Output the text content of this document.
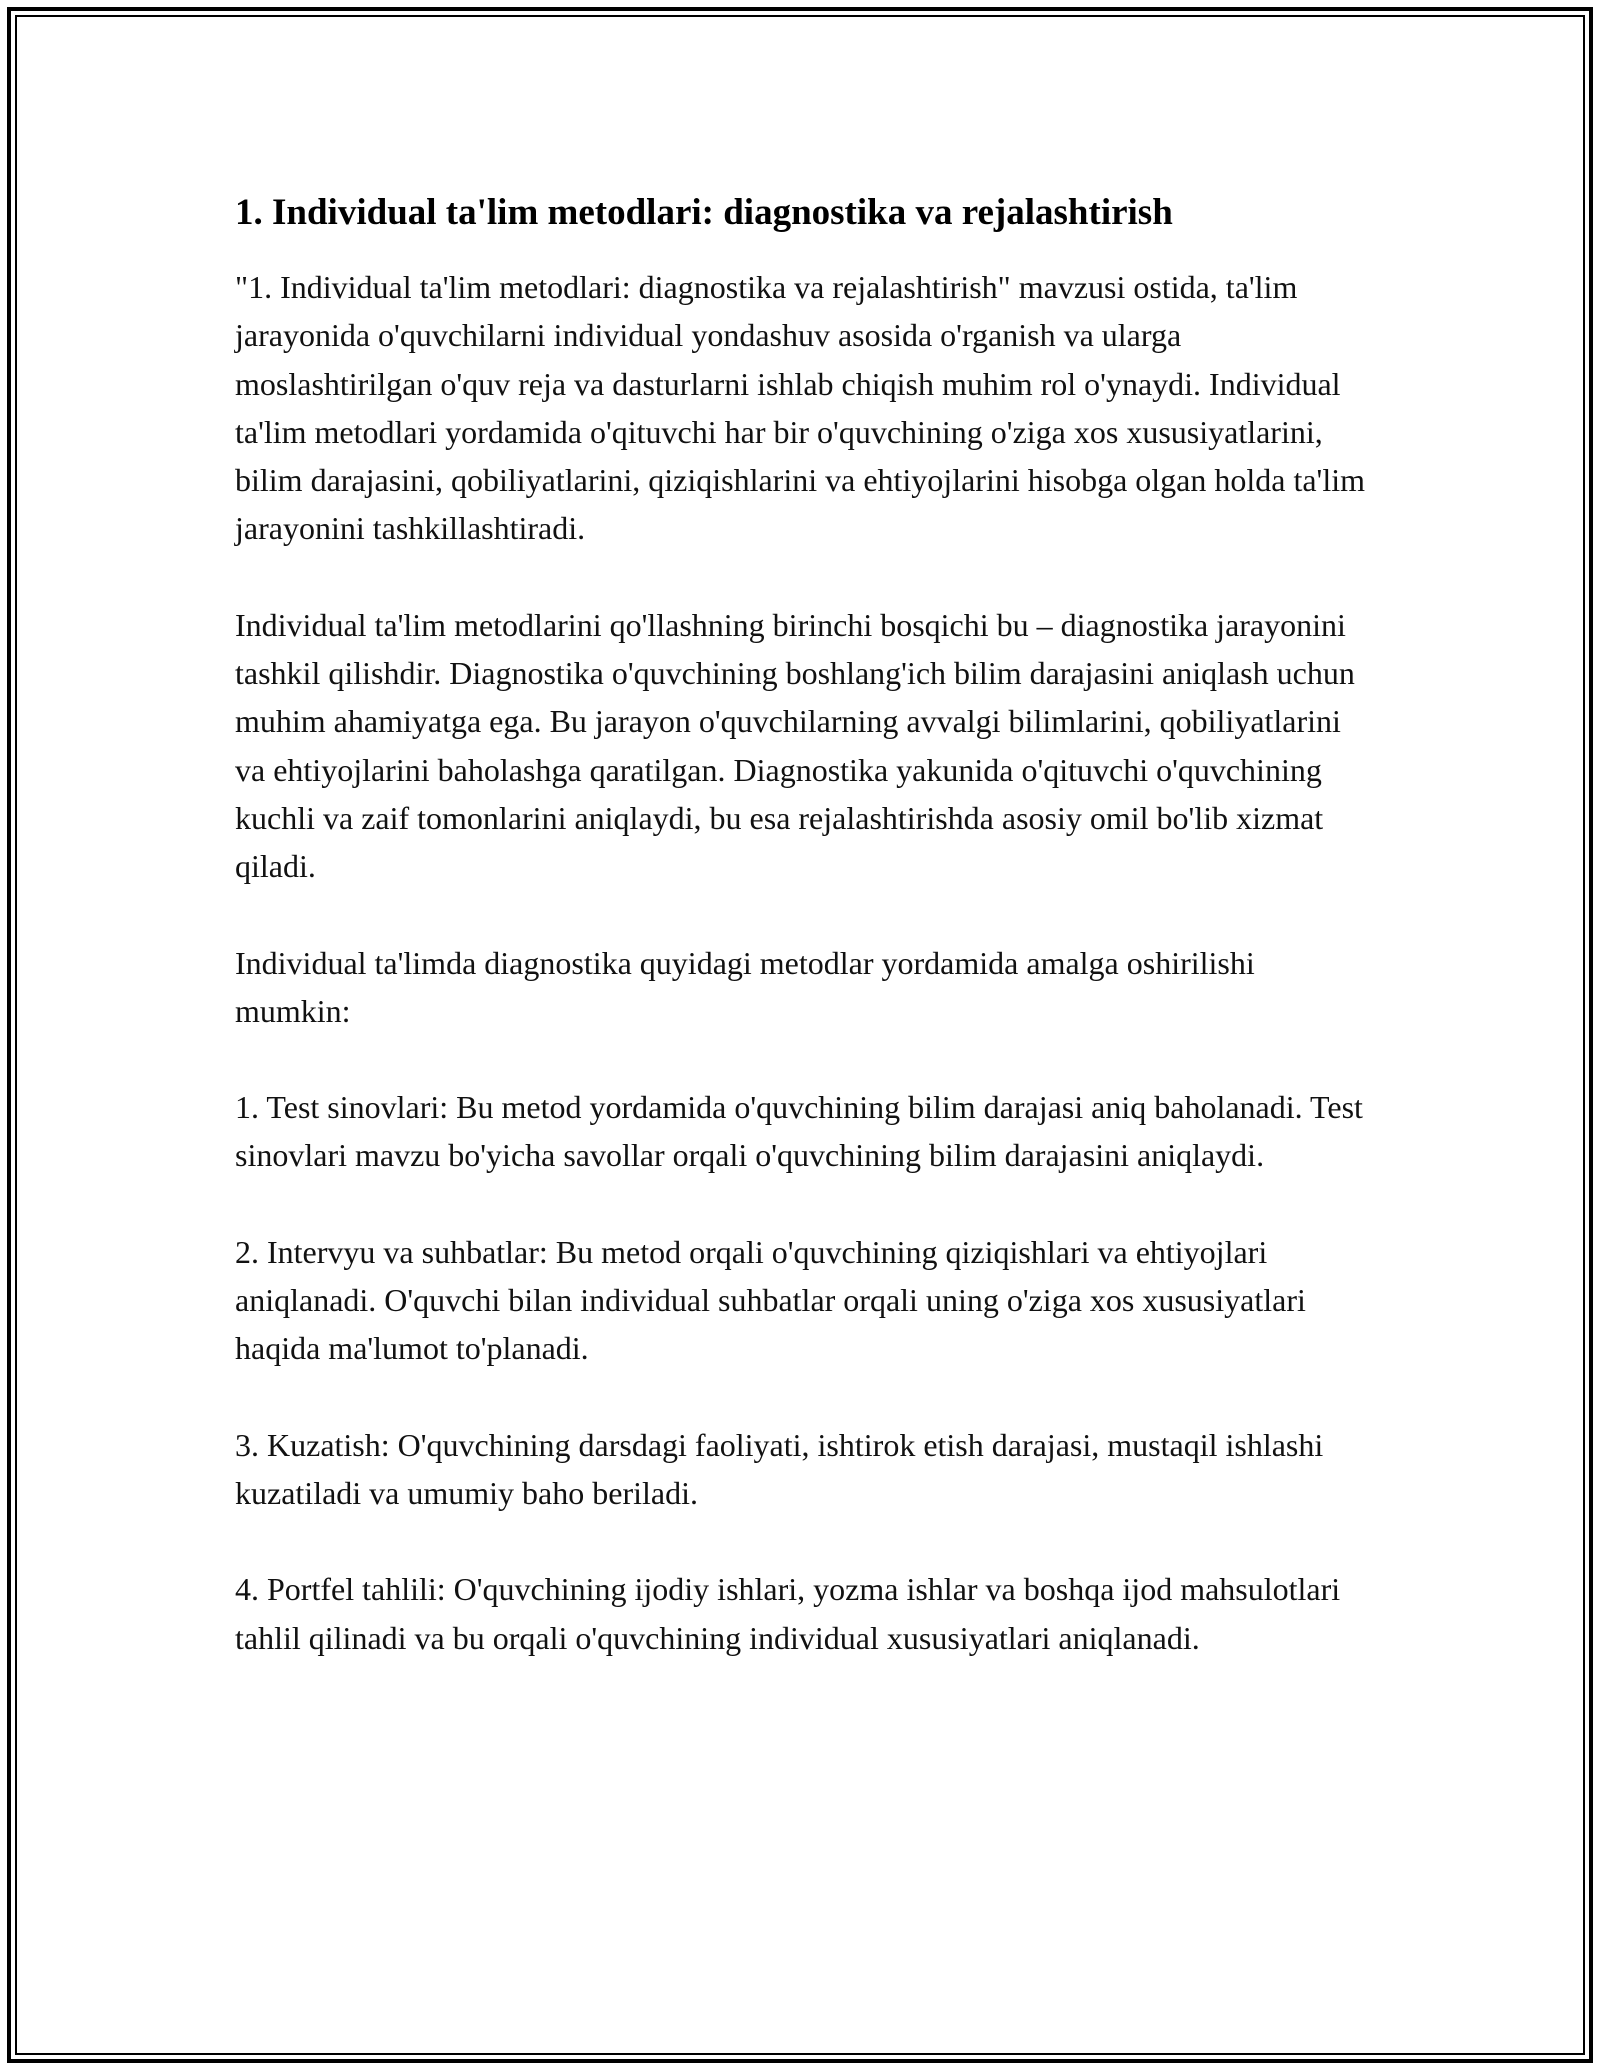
1. Individual ta'lim metodlari: diagnostika va rejalashtirish

"1. Individual ta'lim metodlari: diagnostika va rejalashtirish" mavzusi ostida, ta'lim jarayonida o'quvchilarni individual yondashuv asosida o'rganish va ularga moslashtirilgan o'quv reja va dasturlarni ishlab chiqish muhim rol o'ynaydi. Individual ta'lim metodlari yordamida o'qituvchi har bir o'quvchining o'ziga xos xususiyatlarini, bilim darajasini, qobiliyatlarini, qiziqishlarini va ehtiyojlarini hisobga olgan holda ta'lim jarayonini tashkillashtiradi.

Individual ta'lim metodlarini qo'llashning birinchi bosqichi bu – diagnostika jarayonini tashkil qilishdir. Diagnostika o'quvchining boshlang'ich bilim darajasini aniqlash uchun muhim ahamiyatga ega. Bu jarayon o'quvchilarning avvalgi bilimlarini, qobiliyatlarini va ehtiyojlarini baholashga qaratilgan. Diagnostika yakunida o'qituvchi o'quvchining kuchli va zaif tomonlarini aniqlaydi, bu esa rejalashtirishda asosiy omil bo'lib xizmat qiladi.

Individual ta'limda diagnostika quyidagi metodlar yordamida amalga oshirilishi mumkin:

1. Test sinovlari: Bu metod yordamida o'quvchining bilim darajasi aniq baholanadi. Test sinovlari mavzu bo'yicha savollar orqali o'quvchining bilim darajasini aniqlaydi.

2. Intervyu va suhbatlar: Bu metod orqali o'quvchining qiziqishlari va ehtiyojlari aniqlanadi. O'quvchi bilan individual suhbatlar orqali uning o'ziga xos xususiyatlari haqida ma'lumot to'planadi.

3. Kuzatish: O'quvchining darsdagi faoliyati, ishtirok etish darajasi, mustaqil ishlashi kuzatiladi va umumiy baho beriladi.

4. Portfel tahlili: O'quvchining ijodiy ishlari, yozma ishlar va boshqa ijod mahsulotlari tahlil qilinadi va bu orqali o'quvchining individual xususiyatlari aniqlanadi.
